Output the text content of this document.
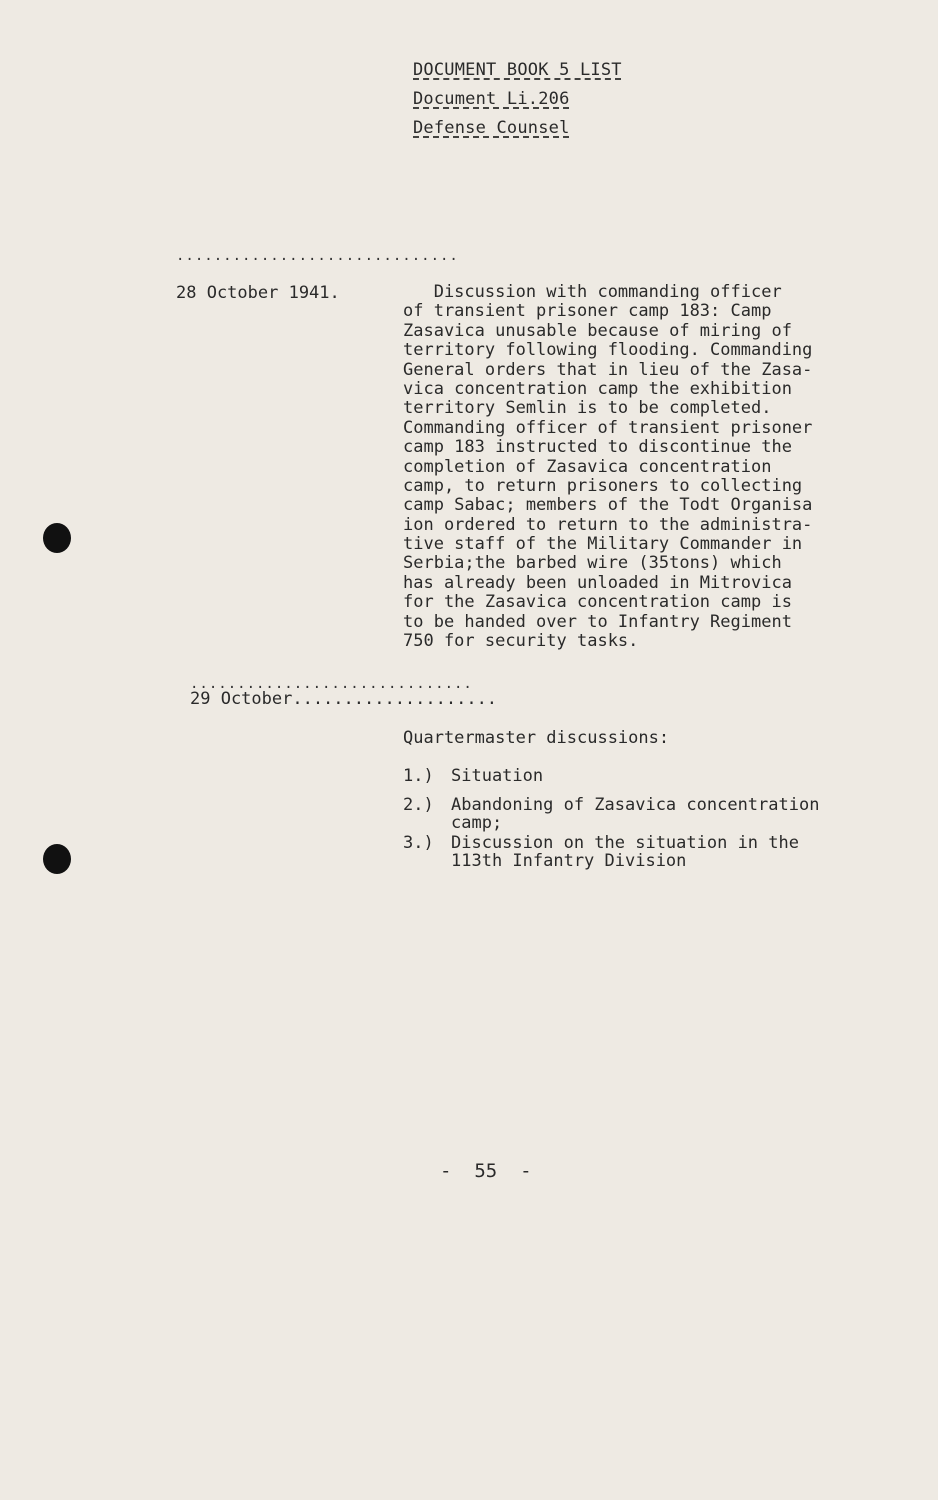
DOCUMENT BOOK 5 LIST
Document Li.206
Defense Counsel
..............................
28 October 1941.	Discussion with commanding officer
of transient prisoner camp 183: Camp
Zasavica unusable because of miring of
territory following flooding. Commanding
General orders that in lieu of the Zasa-
vica concentration camp the exhibition
territory Semlin is to be completed.
Commanding officer of transient prisoner
camp 183 instructed to discontinue the
completion of Zasavica concentration
camp, to return prisoners to collecting
camp Sabac; members of the Todt Organisa
ion ordered to return to the administra-
tive staff of the Military Commander in
Serbia;the barbed wire (35tons) which
has already been unloaded in Mitrovica
for the Zasavica concentration camp is
to be handed over to Infantry Regiment
750 for security tasks.
..............................
29 October....................
Quartermaster discussions:
1.) Situation
2.) Abandoning of Zasavica concentration
camp;
3.) Discussion on the situation in the
113th Infantry Division
-  55  -
